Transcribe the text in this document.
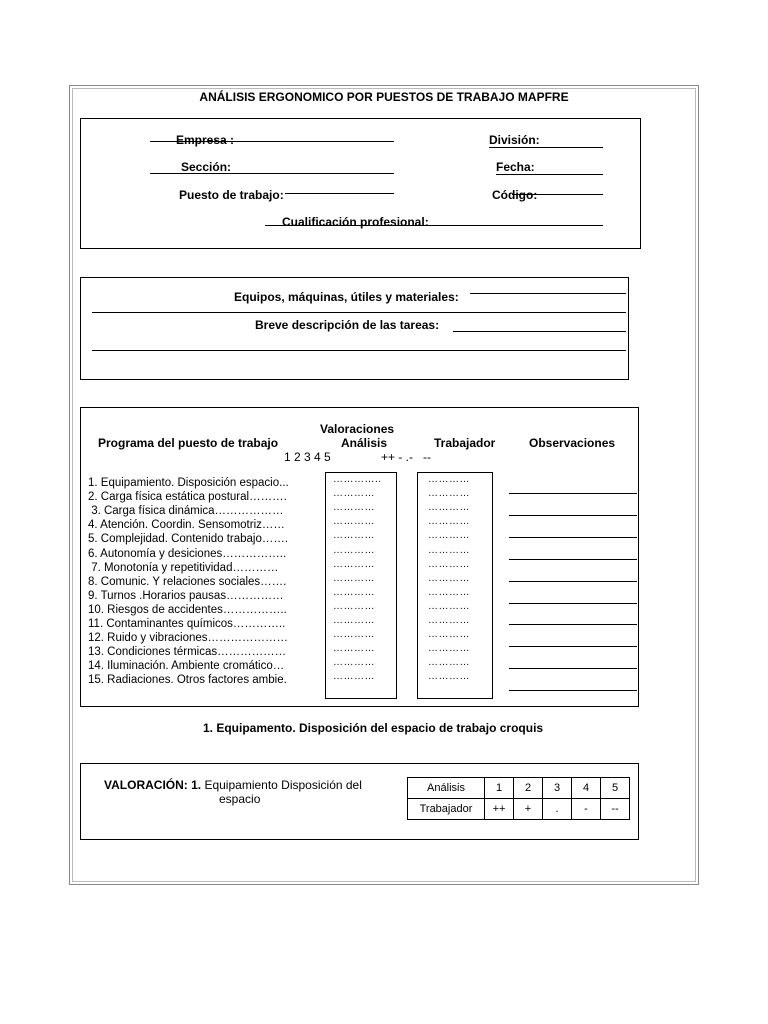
ANÁLISIS ERGONOMICO POR PUESTOS DE TRABAJO MAPFRE
Empresa :	División:
Sección:	Fecha:
Puesto de trabajo:	Código:
Cualificación profesional:
Equipos, máquinas, útiles y materiales:
Breve descripción de las tareas:
Valoraciones
Programa del puesto de trabajo	Análisis	Trabajador	Observaciones
1 2 3 4 5	++ - .-   --
1. Equipamiento. Disposición espacio...	…………..	…………
2. Carga física estática postural……….	…………	…………
3. Carga física dinámica………………	…………	…………
4. Atención. Coordin. Sensomotriz……	…………	…………
5. Complejidad. Contenido trabajo…….	…………	…………
6. Autonomía y desiciones……………..	…………	…………
7. Monotonía y repetitividad…………	…………	…………
8. Comunic. Y relaciones sociales…….	…………	…………
9. Turnos .Horarios pausas……………	…………	…………
10. Riesgos de accidentes……………..	…………	…………
11. Contaminantes químicos…………..	…………	…………
12. Ruido y vibraciones…………………	…………	…………
13. Condiciones térmicas………………	…………	…………
14. Iluminación. Ambiente cromático…	…………	…………
15. Radiaciones. Otros factores ambie.	…………	…………
1. Equipamento. Disposición del espacio de trabajo croquis
VALORACIÓN: 1. Equipamiento Disposición del
espacio
Análisis	1	2	3	4	5
Trabajador	++	+	.	-	--
